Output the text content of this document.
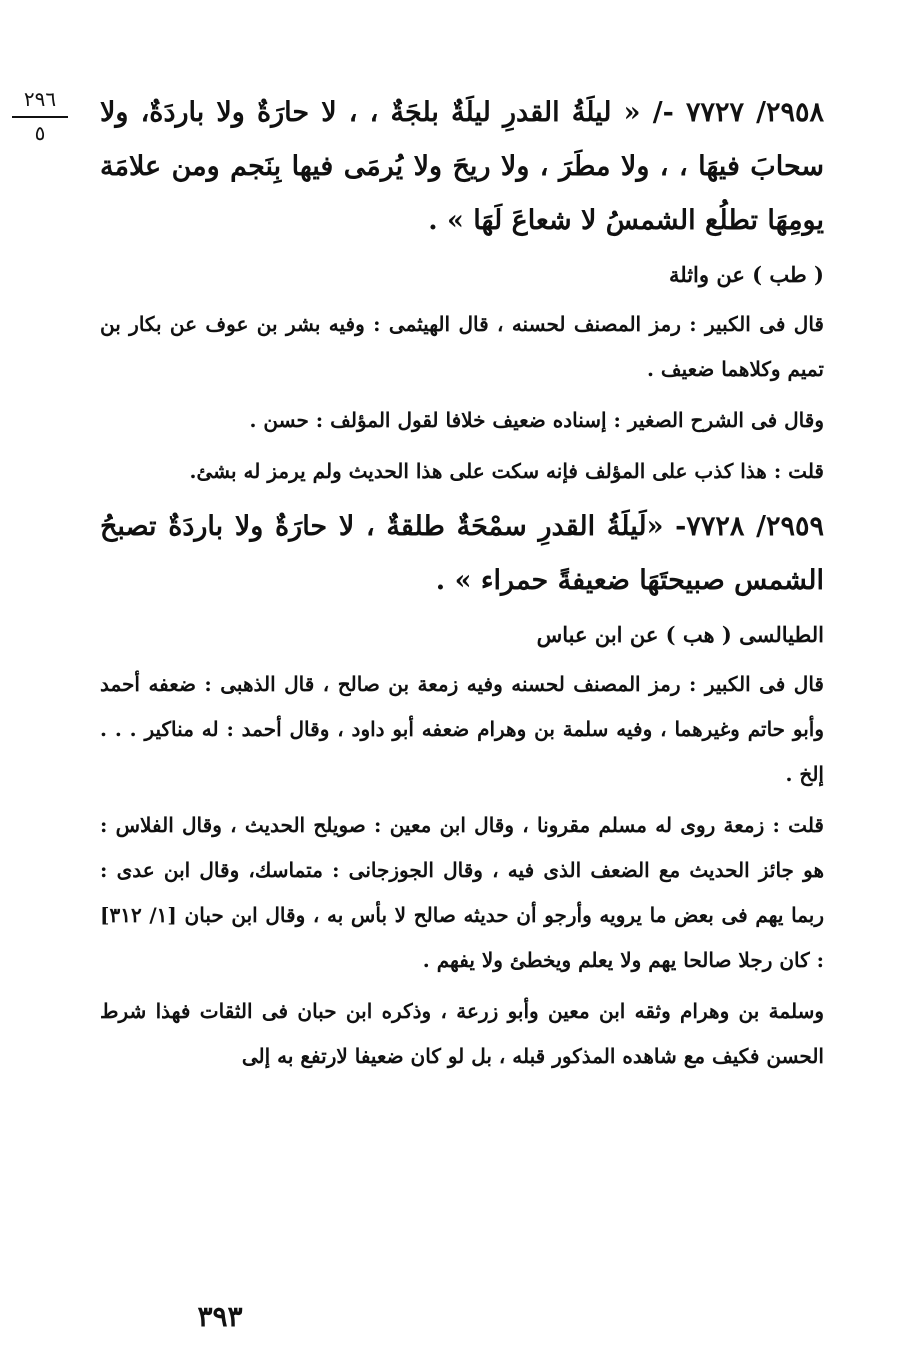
٢٩٦
٥

٢٩٥٨/ ٧٧٢٧ -/ « ليلَةُ القدرِ ليلَةٌ بلجَةٌ ، ، لا حارَةٌ ولا باردَةٌ، ولا سحابَ فيهَا ، ، ولا مطَرَ ، ولا ريحَ ولا يُرمَى فيها بِنَجم ومن علامَة يومِهَا تطلُع الشمسُ لا شعاعَ لَهَا » .

( طب ) عن واثلة

قال فى الكبير : رمز المصنف لحسنه ، قال الهيثمى : وفيه بشر بن عوف عن بكار بن تميم وكلاهما ضعيف .

وقال فى الشرح الصغير : إسناده ضعيف خلافا لقول المؤلف : حسن .

قلت : هذا كذب على المؤلف فإنه سكت على هذا الحديث ولم يرمز له بشئ.

٢٩٥٩/ ٧٧٢٨- «لَيلَةُ القدرِ سمْحَةٌ طلقةٌ ، لا حارَةٌ ولا باردَةٌ تصبحُ الشمس صبيحتَهَا ضعيفةً حمراء » .

الطيالسى ( هب ) عن ابن عباس

قال فى الكبير : رمز المصنف لحسنه وفيه زمعة بن صالح ، قال الذهبى : ضعفه أحمد وأبو حاتم وغيرهما ، وفيه سلمة بن وهرام ضعفه أبو داود ، وقال أحمد : له مناكير . . . إلخ .

قلت : زمعة روى له مسلم مقرونا ، وقال ابن معين : صويلح الحديث ، وقال الفلاس : هو جائز الحديث مع الضعف الذى فيه ، وقال الجوزجانى : متماسك، وقال ابن عدى : ربما يهم فى بعض ما يرويه وأرجو أن حديثه صالح لا بأس به ، وقال ابن حبان [١/ ٣١٢] : كان رجلا صالحا يهم ولا يعلم ويخطئ ولا يفهم .

وسلمة بن وهرام وثقه ابن معين وأبو زرعة ، وذكره ابن حبان فى الثقات فهذا شرط الحسن فكيف مع شاهده المذكور قبله ، بل لو كان ضعيفا لارتفع به إلى

٣٩٣
